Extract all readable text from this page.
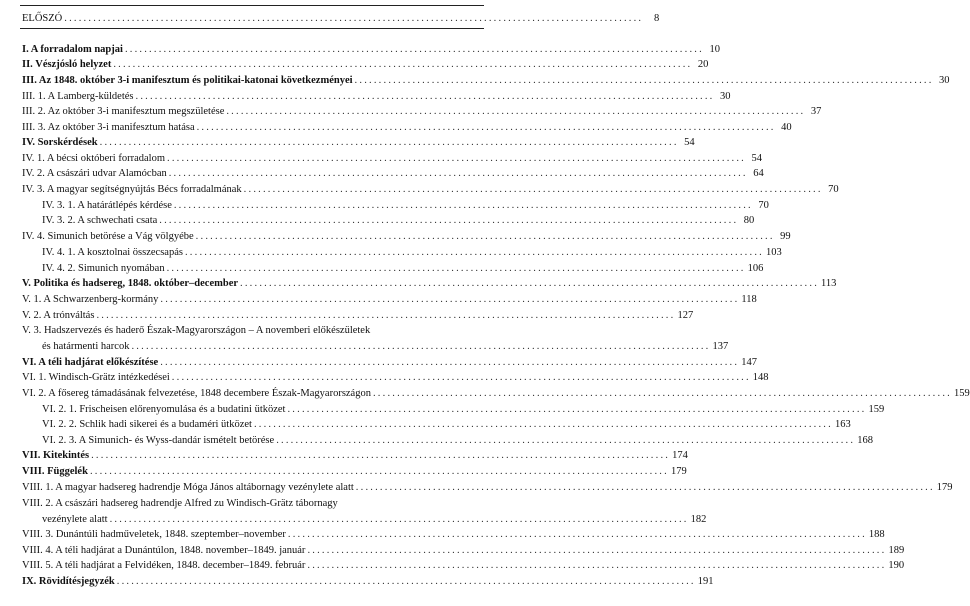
ELŐSZÓ ........................................................................................................................	8
I. A forradalom napjai ........................................................................................................................ 10
II. Vészjósló helyzet ........................................................................................................................ 20
III. Az 1848. október 3-i manifesztum és politikai-katonai következményei ........................................................................................................................ 30
III. 1. A Lamberg-küldetés ........................................................................................................................ 30
III. 2. Az október 3-i manifesztum megszületése ........................................................................................................................ 37
III. 3. Az október 3-i manifesztum hatása ........................................................................................................................ 40
IV. Sorskérdések ........................................................................................................................ 54
IV. 1. A bécsi októberi forradalom ........................................................................................................................ 54
IV. 2. A császári udvar Alamócban ........................................................................................................................ 64
IV. 3. A magyar segítségnyújtás Bécs forradalmának ........................................................................................................................ 70
IV. 3. 1. A határátlépés kérdése ........................................................................................................................ 70
IV. 3. 2. A schwechati csata ........................................................................................................................ 80
IV. 4. Simunich betörése a Vág völgyébe ........................................................................................................................ 99
IV. 4. 1. A kosztolnai összecsapás ........................................................................................................................ 103
IV. 4. 2. Simunich nyomában ........................................................................................................................ 106
V. Politika és hadsereg, 1848. október–december ........................................................................................................................ 113
V. 1. A Schwarzenberg-kormány ........................................................................................................................ 118
V. 2. A trónváltás ........................................................................................................................ 127
V. 3. Hadszervezés és haderő Észak-Magyarországon – A novemberi előkészületek
és határmenti harcok ........................................................................................................................ 137
VI. A téli hadjárat előkészítése ........................................................................................................................ 147
VI. 1. Windisch-Grätz intézkedései ........................................................................................................................ 148
VI. 2. A fősereg támadásának felvezetése, 1848 decembere Észak-Magyarországon ........................................................................................................................ 159
VI. 2. 1. Frischeisen előrenyomulása és a budatini ütközet ........................................................................................................................ 159
VI. 2. 2. Schlik hadi sikerei és a budaméri ütközet ........................................................................................................................ 163
VI. 2. 3. A Simunich- és Wyss-dandár ismételt betörése ........................................................................................................................ 168
VII. Kitekintés ........................................................................................................................ 174
VIII. Függelék ........................................................................................................................ 179
VIII. 1. A magyar hadsereg hadrendje Móga János altábornagy vezénylete alatt ........................................................................................................................ 179
VIII. 2. A császári hadsereg hadrendje Alfred zu Windisch-Grätz tábornagy
vezénylete alatt ........................................................................................................................ 182
VIII. 3. Dunántúli hadműveletek, 1848. szeptember–november ........................................................................................................................ 188
VIII. 4. A téli hadjárat a Dunántúlon, 1848. november–1849. január ........................................................................................................................ 189
VIII. 5. A téli hadjárat a Felvidéken, 1848. december–1849. február ........................................................................................................................ 190
IX. Rövidítésjegyzék ........................................................................................................................ 191
